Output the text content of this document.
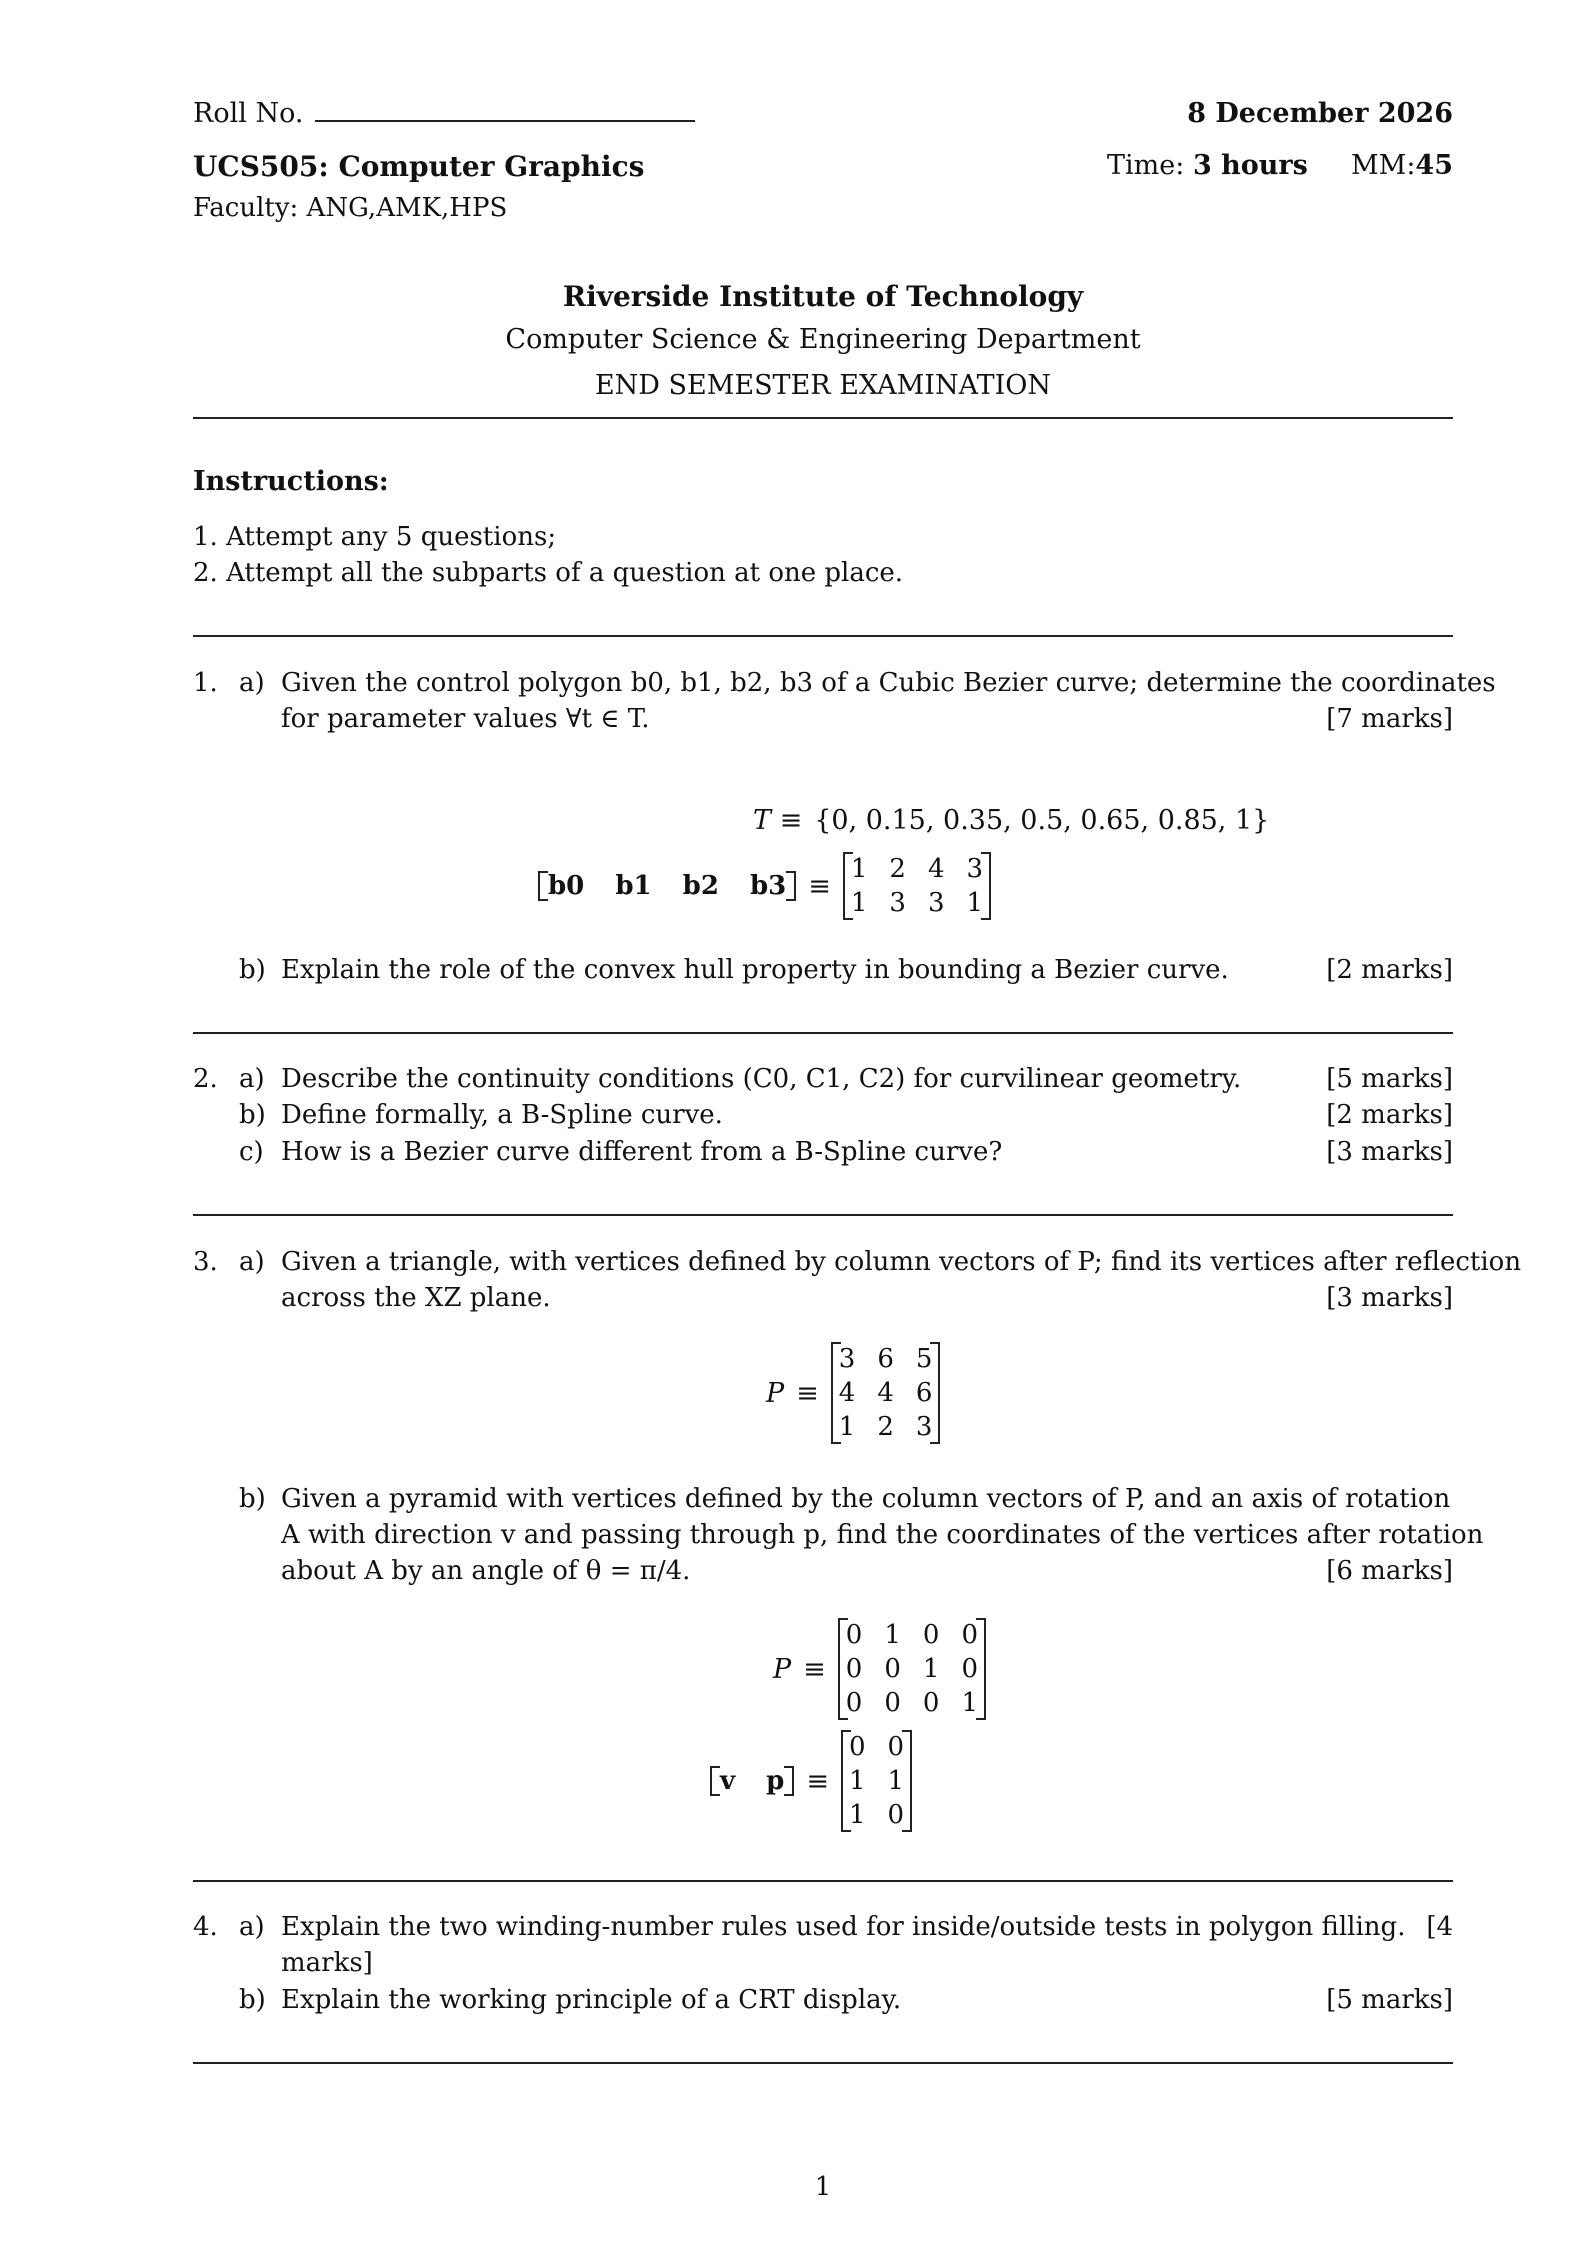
Roll No.	8 December 2026
UCS505: Computer Graphics	Time: 3 hours MM:45
Faculty: ANG,AMK,HPS
Riverside Institute of Technology
Computer Science & Engineering Department
END SEMESTER EXAMINATION
Instructions:
1. Attempt any 5 questions;
2. Attempt all the subparts of a question at one place.
1. a) Given the control polygon b0, b1, b2, b3 of a Cubic Bezier curve; determine the coordinates
for parameter values ∀t ∈ T.	[7 marks]
T ≡ {0, 0.15, 0.35, 0.5, 0.65, 0.85, 1}
b0 b1 b2 b3 ≡
1 2 4 3
1 3 3 1
b) Explain the role of the convex hull property in bounding a Bezier curve.	[2 marks]
2. a) Describe the continuity conditions (C0, C1, C2) for curvilinear geometry.	[5 marks]
b) Define formally, a B-Spline curve.	[2 marks]
c) How is a Bezier curve different from a B-Spline curve?	[3 marks]
3. a) Given a triangle, with vertices defined by column vectors of P; find its vertices after reflection
across the XZ plane.	[3 marks]
P ≡
3 6 5
4 4 6
1 2 3
b) Given a pyramid with vertices defined by the column vectors of P, and an axis of rotation
A with direction v and passing through p, find the coordinates of the vertices after rotation
about A by an angle of θ = π/4.	[6 marks]
P ≡
0 1 0 0
0 0 1 0
0 0 0 1
v p ≡
0 0
1 1
1 0
4. a) Explain the two winding-number rules used for inside/outside tests in polygon filling. [4
marks]
b) Explain the working principle of a CRT display.	[5 marks]
1
